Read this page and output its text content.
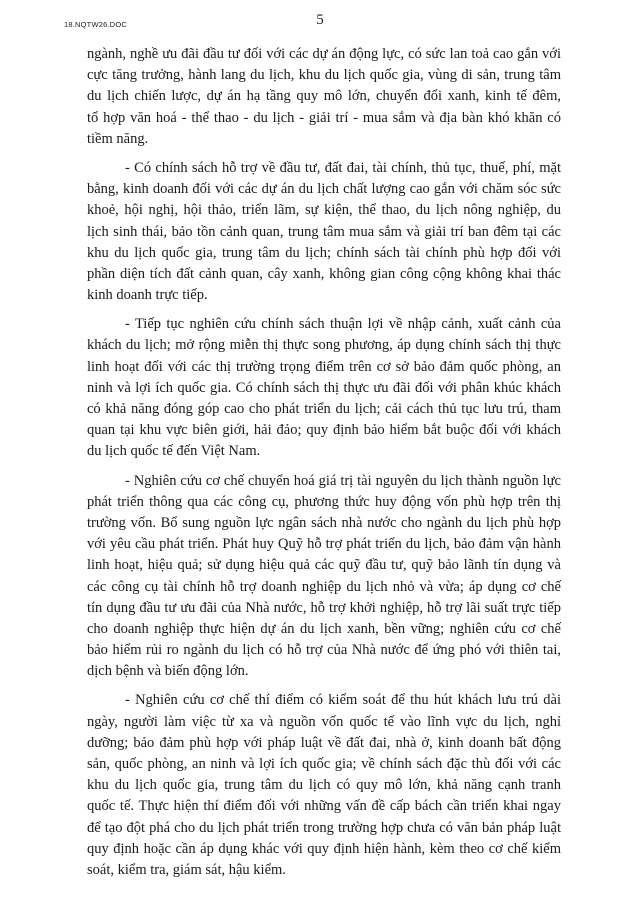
18.NQTW26.DOC	5
ngành, nghề ưu đãi đầu tư đối với các dự án động lực, có sức lan toả cao gắn với
cực tăng trưởng, hành lang du lịch, khu du lịch quốc gia, vùng di sản, trung tâm
du lịch chiến lược, dự án hạ tầng quy mô lớn, chuyển đổi xanh, kinh tế đêm,
tổ hợp văn hoá - thể thao - du lịch - giải trí - mua sắm và địa bàn khó khăn có
tiềm năng.
- Có chính sách hỗ trợ về đầu tư, đất đai, tài chính, thủ tục, thuế, phí, mặt
bằng, kinh doanh đối với các dự án du lịch chất lượng cao gắn với chăm sóc sức
khoẻ, hội nghị, hội thảo, triển lãm, sự kiện, thể thao, du lịch nông nghiệp, du
lịch sinh thái, bảo tồn cảnh quan, trung tâm mua sắm và giải trí ban đêm tại các
khu du lịch quốc gia, trung tâm du lịch; chính sách tài chính phù hợp đối với
phần diện tích đất cảnh quan, cây xanh, không gian công cộng không khai thác
kinh doanh trực tiếp.
- Tiếp tục nghiên cứu chính sách thuận lợi về nhập cảnh, xuất cảnh của
khách du lịch; mở rộng miễn thị thực song phương, áp dụng chính sách thị thực
linh hoạt đối với các thị trường trọng điểm trên cơ sở bảo đảm quốc phòng, an
ninh và lợi ích quốc gia. Có chính sách thị thực ưu đãi đối với phân khúc khách
có khả năng đóng góp cao cho phát triển du lịch; cải cách thủ tục lưu trú, tham
quan tại khu vực biên giới, hải đảo; quy định bảo hiểm bắt buộc đối với khách
du lịch quốc tế đến Việt Nam.
- Nghiên cứu cơ chế chuyển hoá giá trị tài nguyên du lịch thành nguồn lực
phát triển thông qua các công cụ, phương thức huy động vốn phù hợp trên thị
trường vốn. Bổ sung nguồn lực ngân sách nhà nước cho ngành du lịch phù hợp
với yêu cầu phát triển. Phát huy Quỹ hỗ trợ phát triển du lịch, bảo đảm vận hành
linh hoạt, hiệu quả; sử dụng hiệu quả các quỹ đầu tư, quỹ bảo lãnh tín dụng và
các công cụ tài chính hỗ trợ doanh nghiệp du lịch nhỏ và vừa; áp dụng cơ chế
tín dụng đầu tư ưu đãi của Nhà nước, hỗ trợ khởi nghiệp, hỗ trợ lãi suất trực tiếp
cho doanh nghiệp thực hiện dự án du lịch xanh, bền vững; nghiên cứu cơ chế
bảo hiểm rủi ro ngành du lịch có hỗ trợ của Nhà nước để ứng phó với thiên tai,
dịch bệnh và biến động lớn.
- Nghiên cứu cơ chế thí điểm có kiểm soát để thu hút khách lưu trú dài
ngày, người làm việc từ xa và nguồn vốn quốc tế vào lĩnh vực du lịch, nghỉ
dưỡng; bảo đảm phù hợp với pháp luật về đất đai, nhà ở, kinh doanh bất động
sản, quốc phòng, an ninh và lợi ích quốc gia; về chính sách đặc thù đối với các
khu du lịch quốc gia, trung tâm du lịch có quy mô lớn, khả năng cạnh tranh
quốc tế. Thực hiện thí điểm đối với những vấn đề cấp bách cần triển khai ngay
để tạo đột phá cho du lịch phát triển trong trường hợp chưa có văn bản pháp luật
quy định hoặc cần áp dụng khác với quy định hiện hành, kèm theo cơ chế kiểm
soát, kiểm tra, giám sát, hậu kiểm.
